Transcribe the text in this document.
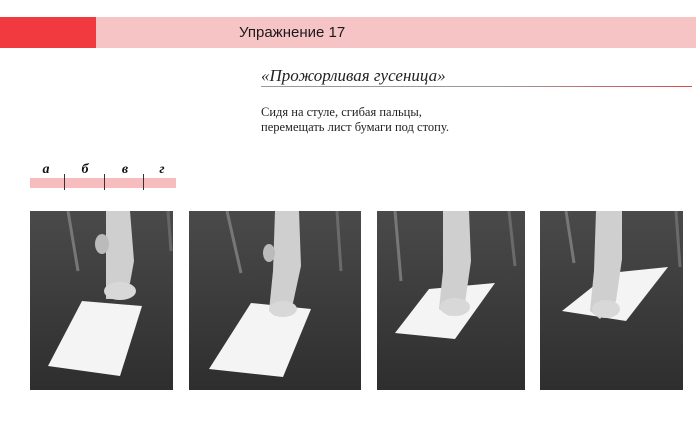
Упражнение 17
«Прожорливая гусеница»
Сидя на стуле, сгибая пальцы,
перемещать лист бумаги под стопу.
а б в	г
